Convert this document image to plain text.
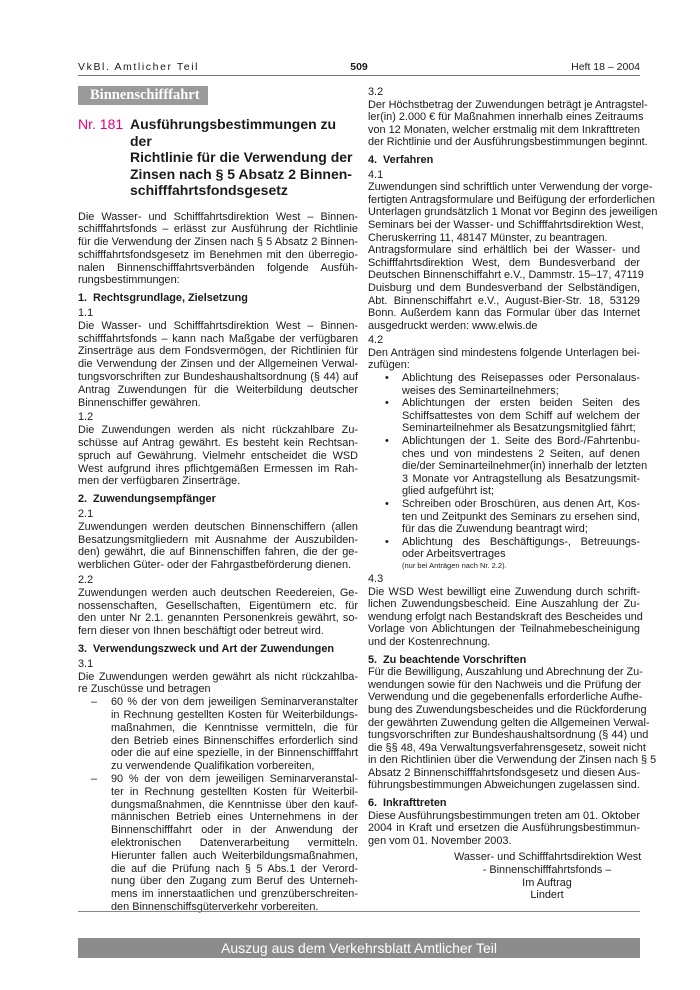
VkBl. Amtlicher Teil	509	Heft 18 – 2004
Binnenschifffahrt
Nr. 181 Ausführungsbestimmungen zu der
Richtlinie für die Verwendung der
Zinsen nach § 5 Absatz 2 Binnen-
schifffahrtsfondsgesetz
Die Wasser- und Schifffahrtsdirektion West – Binnen-
schifffahrtsfonds – erlässt zur Ausführung der Richtlinie
für die Verwendung der Zinsen nach § 5 Absatz 2 Binnen-
schifffahrtsfondsgesetz im Benehmen mit den überregio-
nalen Binnenschifffahrtsverbänden folgende Ausfüh-
rungsbestimmungen:
1. Rechtsgrundlage, Zielsetzung
1.1
Die Wasser- und Schifffahrtsdirektion West – Binnen-
schifffahrtsfonds – kann nach Maßgabe der verfügbaren
Zinserträge aus dem Fondsvermögen, der Richtlinien für
die Verwendung der Zinsen und der Allgemeinen Verwal-
tungsvorschriften zur Bundeshaushaltsordnung (§ 44) auf
Antrag Zuwendungen für die Weiterbildung deutscher
Binnenschiffer gewähren.
1.2
Die Zuwendungen werden als nicht rückzahlbare Zu-
schüsse auf Antrag gewährt. Es besteht kein Rechtsan-
spruch auf Gewährung. Vielmehr entscheidet die WSD
West aufgrund ihres pflichtgemäßen Ermessen im Rah-
men der verfügbaren Zinserträge.
2. Zuwendungsempfänger
2.1
Zuwendungen werden deutschen Binnenschiffern (allen
Besatzungsmitgliedern mit Ausnahme der Auszubilden-
den) gewährt, die auf Binnenschiffen fahren, die der ge-
werblichen Güter- oder der Fahrgastbeförderung dienen.
2.2
Zuwendungen werden auch deutschen Reedereien, Ge-
nossenschaften, Gesellschaften, Eigentümern etc. für
den unter Nr 2.1. genannten Personenkreis gewährt, so-
fern dieser von Ihnen beschäftigt oder betreut wird.
3. Verwendungszweck und Art der Zuwendungen
3.1
Die Zuwendungen werden gewährt als nicht rückzahlba-
re Zuschüsse und betragen
– 60 % der von dem jeweiligen Seminarveranstalter
in Rechnung gestellten Kosten für Weiterbildungs-
maßnahmen, die Kenntnisse vermitteln, die für
den Betrieb eines Binnenschiffes erforderlich sind
oder die auf eine spezielle, in der Binnenschifffahrt
zu verwendende Qualifikation vorbereiten,
– 90 % der von dem jeweiligen Seminarveranstal-
ter in Rechnung gestellten Kosten für Weiterbil-
dungsmaßnahmen, die Kenntnisse über den kauf-
männischen Betrieb eines Unternehmens in der
Binnenschifffahrt oder in der Anwendung der
elektronischen Datenverarbeitung vermitteln.
Hierunter fallen auch Weiterbildungsmaßnahmen,
die auf die Prüfung nach § 5 Abs.1 der Verord-
nung über den Zugang zum Beruf des Unterneh-
mens im innerstaatlichen und grenzüberschreiten-
den Binnenschiffsgüterverkehr vorbereiten.
3.2
Der Höchstbetrag der Zuwendungen beträgt je Antragstel-
ler(in) 2.000 € für Maßnahmen innerhalb eines Zeitraums
von 12 Monaten, welcher erstmalig mit dem Inkrafttreten
der Richtlinie und der Ausführungsbestimmungen beginnt.
4. Verfahren
4.1
Zuwendungen sind schriftlich unter Verwendung der vorge-
fertigten Antragsformulare und Beifügung der erforderlichen
Unterlagen grundsätzlich 1 Monat vor Beginn des jeweiligen
Seminars bei der Wasser- und Schifffahrtsdirektion West,
Cheruskerring 11, 48147 Münster, zu beantragen.
Antragsformulare sind erhältlich bei der Wasser- und
Schifffahrtsdirektion West, dem Bundesverband der
Deutschen Binnenschiffahrt e.V., Dammstr. 15–17, 47119
Duisburg und dem Bundesverband der Selbständigen,
Abt. Binnenschiffahrt e.V., August-Bier-Str. 18, 53129
Bonn. Außerdem kann das Formular über das Internet
ausgedruckt werden: www.elwis.de
4.2
Den Anträgen sind mindestens folgende Unterlagen bei-
zufügen:
• Ablichtung des Reisepasses oder Personalaus-
weises des Seminarteilnehmers;
• Ablichtungen der ersten beiden Seiten des
Schiffsattestes von dem Schiff auf welchem der
Seminarteilnehmer als Besatzungsmitglied fährt;
• Ablichtungen der 1. Seite des Bord-/Fahrtenbu-
ches und von mindestens 2 Seiten, auf denen
die/der Seminarteilnehmer(in) innerhalb der letzten
3 Monate vor Antragstellung als Besatzungsmit-
glied aufgeführt ist;
• Schreiben oder Broschüren, aus denen Art, Kos-
ten und Zeitpunkt des Seminars zu ersehen sind,
für das die Zuwendung beantragt wird;
• Ablichtung des Beschäftigungs-, Betreuungs-
oder Arbeitsvertrages
(nur bei Anträgen nach Nr. 2.2).
4.3
Die WSD West bewilligt eine Zuwendung durch schrift-
lichen Zuwendungsbescheid. Eine Auszahlung der Zu-
wendung erfolgt nach Bestandskraft des Bescheides und
Vorlage von Ablichtungen der Teilnahmebescheinigung
und der Kostenrechnung.
5. Zu beachtende Vorschriften
Für die Bewilligung, Auszahlung und Abrechnung der Zu-
wendungen sowie für den Nachweis und die Prüfung der
Verwendung und die gegebenenfalls erforderliche Aufhe-
bung des Zuwendungsbescheides und die Rückforderung
der gewährten Zuwendung gelten die Allgemeinen Verwal-
tungsvorschriften zur Bundeshaushaltsordnung (§ 44) und
die §§ 48, 49a Verwaltungsverfahrensgesetz, soweit nicht
in den Richtlinien über die Verwendung der Zinsen nach § 5
Absatz 2 Binnenschifffahrtsfondsgesetz und diesen Aus-
führungsbestimmungen Abweichungen zugelassen sind.
6. Inkrafttreten
Diese Ausführungsbestimmungen treten am 01. Oktober
2004 in Kraft und ersetzen die Ausführungsbestimmun-
gen vom 01. November 2003.
Wasser- und Schifffahrtsdirektion West
- Binnenschifffahrtsfonds –
Im Auftrag
Lindert
Auszug aus dem Verkehrsblatt Amtlicher Teil
